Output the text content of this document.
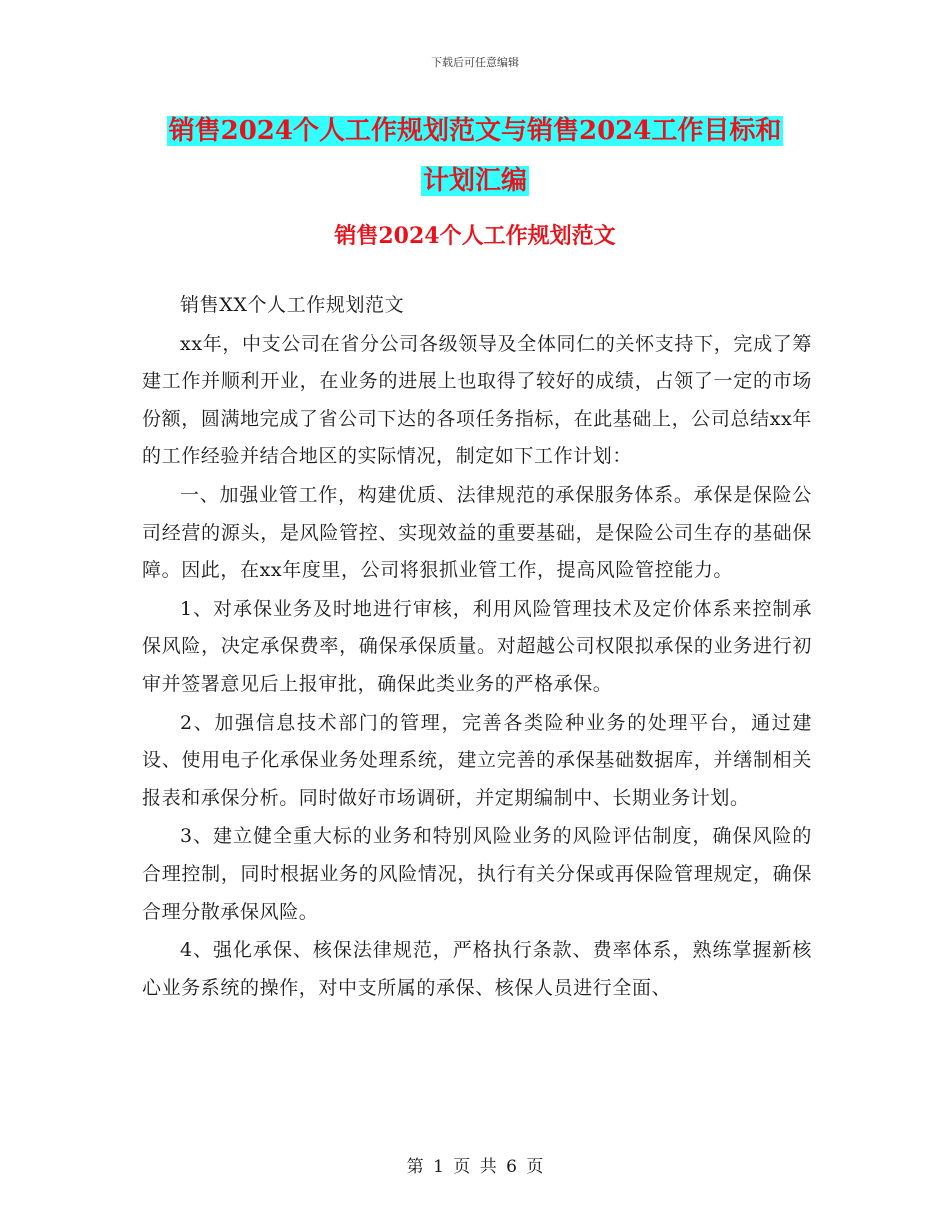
下载后可任意编辑
销售2024个人工作规划范文与销售2024工作目标和
计划汇编
销售2024个人工作规划范文

销售XX个人工作规划范文

xx年，中支公司在省分公司各级领导及全体同仁的关怀支持下，完成了筹建工作并顺利开业，在业务的进展上也取得了较好的成绩，占领了一定的市场份额，圆满地完成了省公司下达的各项任务指标，在此基础上，公司总结xx年的工作经验并结合地区的实际情况，制定如下工作计划：

一、加强业管工作，构建优质、法律规范的承保服务体系。承保是保险公司经营的源头，是风险管控、实现效益的重要基础，是保险公司生存的基础保障。因此，在xx年度里，公司将狠抓业管工作，提高风险管控能力。

1、对承保业务及时地进行审核，利用风险管理技术及定价体系来控制承保风险，决定承保费率，确保承保质量。对超越公司权限拟承保的业务进行初审并签署意见后上报审批，确保此类业务的严格承保。

2、加强信息技术部门的管理，完善各类险种业务的处理平台，通过建设、使用电子化承保业务处理系统，建立完善的承保基础数据库，并缮制相关报表和承保分析。同时做好市场调研，并定期编制中、长期业务计划。

3、建立健全重大标的业务和特别风险业务的风险评估制度，确保风险的合理控制，同时根据业务的风险情况，执行有关分保或再保险管理规定，确保合理分散承保风险。

4、强化承保、核保法律规范，严格执行条款、费率体系，熟练掌握新核心业务系统的操作，对中支所属的承保、核保人员进行全面、

第 1 页 共 6 页
